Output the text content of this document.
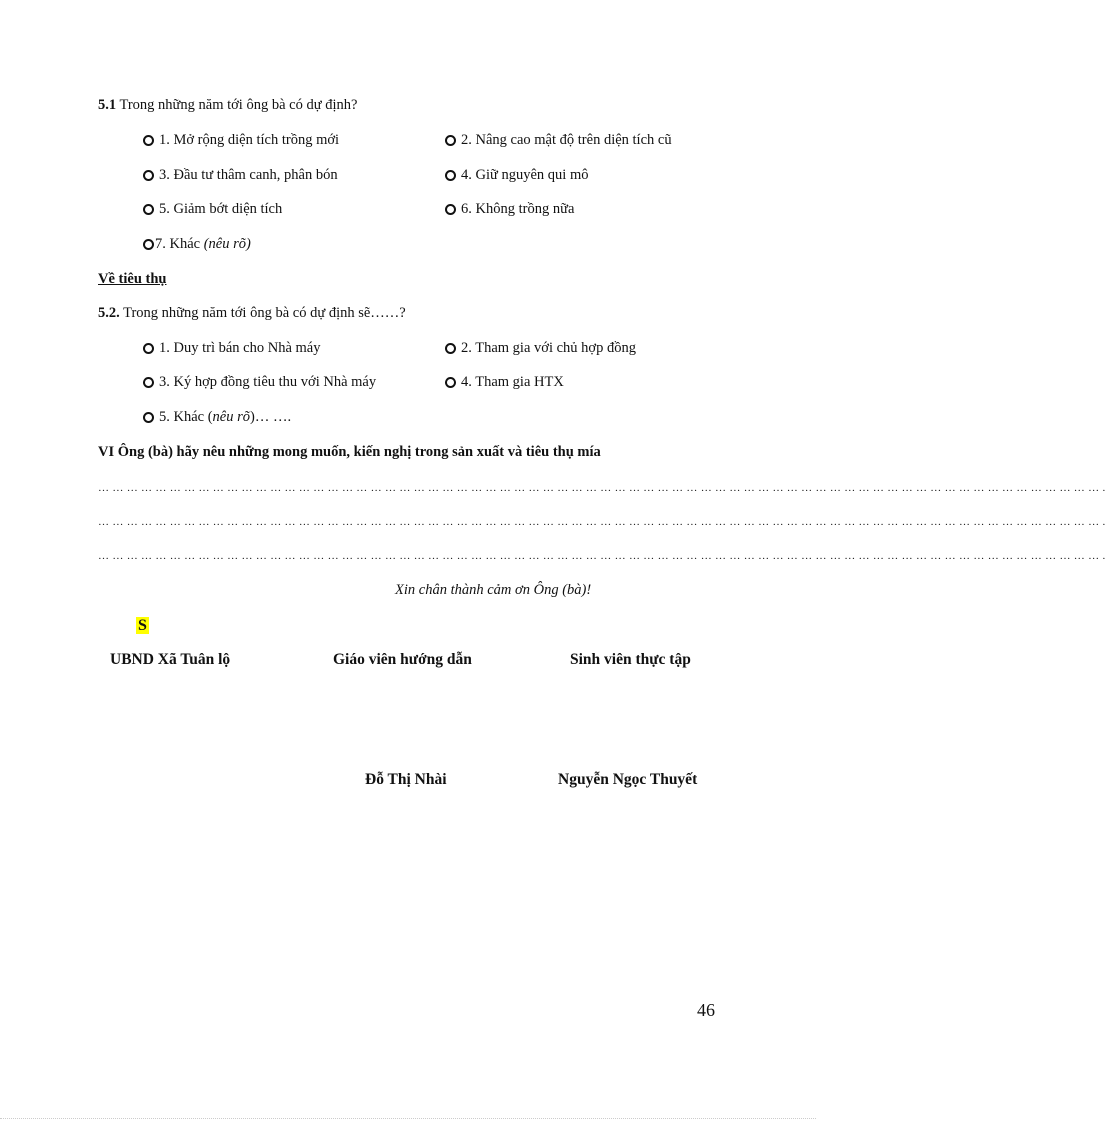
5.1 Trong những năm tới ông bà có dự định?
1. Mở rộng diện tích trồng mới	2. Nâng cao mật độ trên diện tích cũ
3. Đầu tư thâm canh, phân bón	4. Giữ nguyên qui mô
5. Giảm bớt diện tích	6. Không trồng nữa
7. Khác
(nêu rõ)
Về tiêu thụ
5.2. Trong những năm tới ông bà có dự định sẽ……?
1. Duy trì bán cho Nhà máy	2. Tham gia với chủ hợp đồng
3. Ký hợp đồng tiêu thu với Nhà máy	4. Tham gia HTX
5. Khác ( nêu rõ )… ….
VI Ông (bà) hãy nêu những mong muốn, kiến nghị trong sản xuất và tiêu thụ mía
… … … … … … … … … … … … … … … … … … … … … … … … … … … … … … … … … … … … … … … … … … … … … … … … … … … … … … … … … … … … … … … … … … … … … … .
… … … … … … … … … … … … … … … … … … … … … … … … … … … … … … … … … … … … … … … … … … … … … … … … … … … … … … … … … … … … … … … … … … … … … … .
… … … … … … … … … … … … … … … … … … … … … … … … … … … … … … … … … … … … … … … … … … … … … … … … … … … … … … … … … … … … … … … … … … … … … … .
Xin chân thành cảm ơn Ông (bà)!
S
UBND Xã Tuân lộ	Giáo viên hướng dẫn	Sinh viên thực tập
Đỗ Thị Nhài	Nguyễn Ngọc Thuyết
46
